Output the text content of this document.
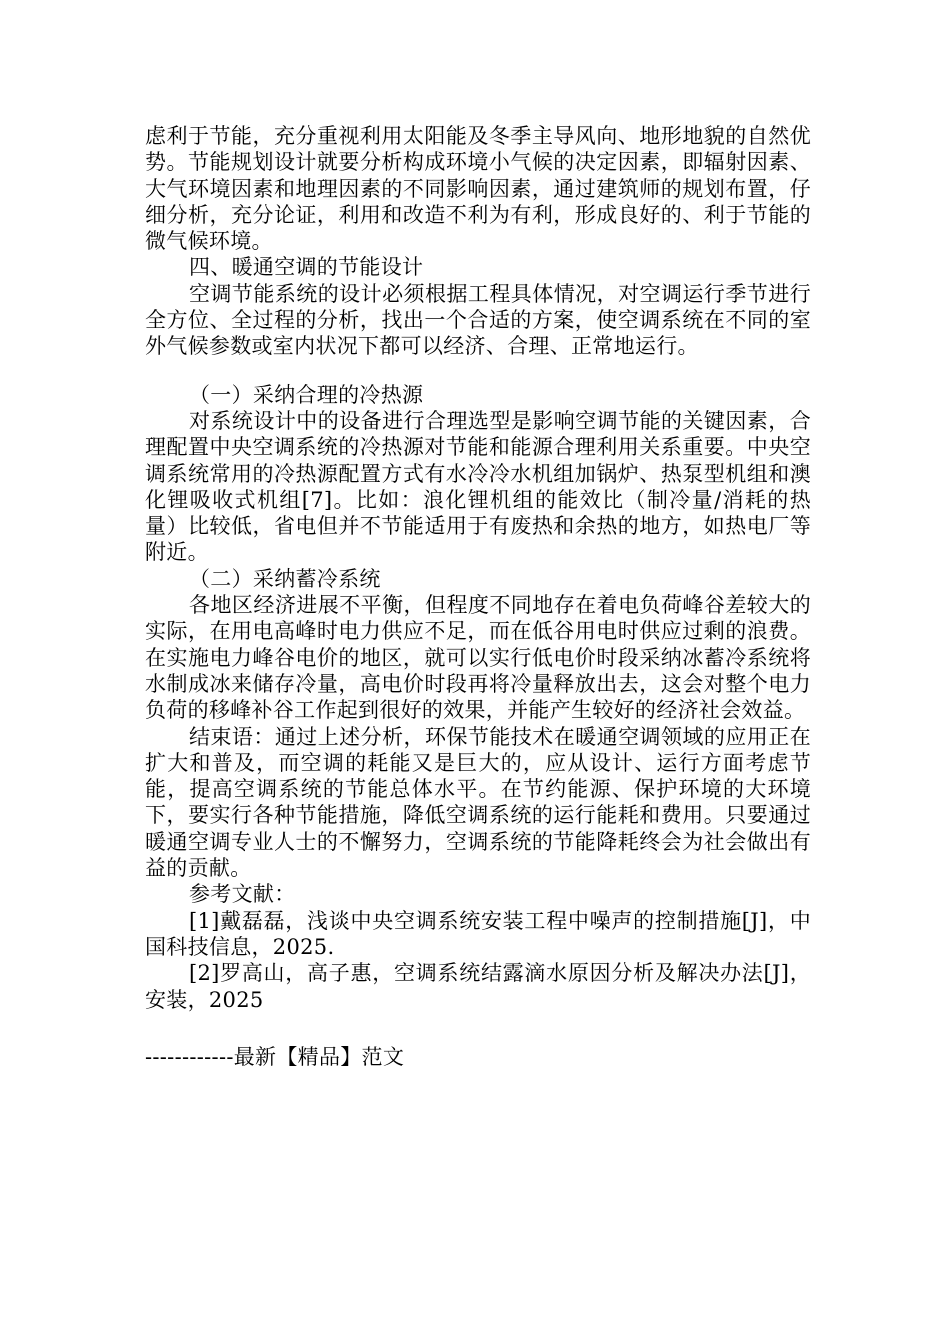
虑利于节能，充分重视利用太阳能及冬季主导风向、地形地貌的自然优势。节能规划设计就要分析构成环境小气候的决定因素，即辐射因素、大气环境因素和地理因素的不同影响因素，通过建筑师的规划布置，仔细分析，充分论证，利用和改造不利为有利，形成良好的、利于节能的微气候环境。

四、暖通空调的节能设计

空调节能系统的设计必须根据工程具体情况，对空调运行季节进行全方位、全过程的分析，找出一个合适的方案，使空调系统在不同的室外气候参数或室内状况下都可以经济、合理、正常地运行。

（一）采纳合理的冷热源

对系统设计中的设备进行合理选型是影响空调节能的关键因素，合理配置中央空调系统的冷热源对节能和能源合理利用关系重要。中央空调系统常用的冷热源配置方式有水冷冷水机组加锅炉、热泵型机组和澳化锂吸收式机组[7]。比如：浪化锂机组的能效比（制冷量/消耗的热量）比较低，省电但并不节能适用于有废热和余热的地方，如热电厂等附近。

（二）采纳蓄冷系统

各地区经济进展不平衡，但程度不同地存在着电负荷峰谷差较大的实际，在用电高峰时电力供应不足，而在低谷用电时供应过剩的浪费。在实施电力峰谷电价的地区，就可以实行低电价时段采纳冰蓄冷系统将水制成冰来储存冷量，高电价时段再将冷量释放出去，这会对整个电力负荷的移峰补谷工作起到很好的效果，并能产生较好的经济社会效益。

结束语：通过上述分析，环保节能技术在暖通空调领域的应用正在扩大和普及，而空调的耗能又是巨大的，应从设计、运行方面考虑节能，提高空调系统的节能总体水平。在节约能源、保护环境的大环境下，要实行各种节能措施，降低空调系统的运行能耗和费用。只要通过暖通空调专业人士的不懈努力，空调系统的节能降耗终会为社会做出有益的贡献。

参考文献：

[1]戴磊磊，浅谈中央空调系统安装工程中噪声的控制措施[J]，中国科技信息，2025.

[2]罗高山，高子惠，空调系统结露滴水原因分析及解决办法[J]，安装，2025

------------最新【精品】范文
